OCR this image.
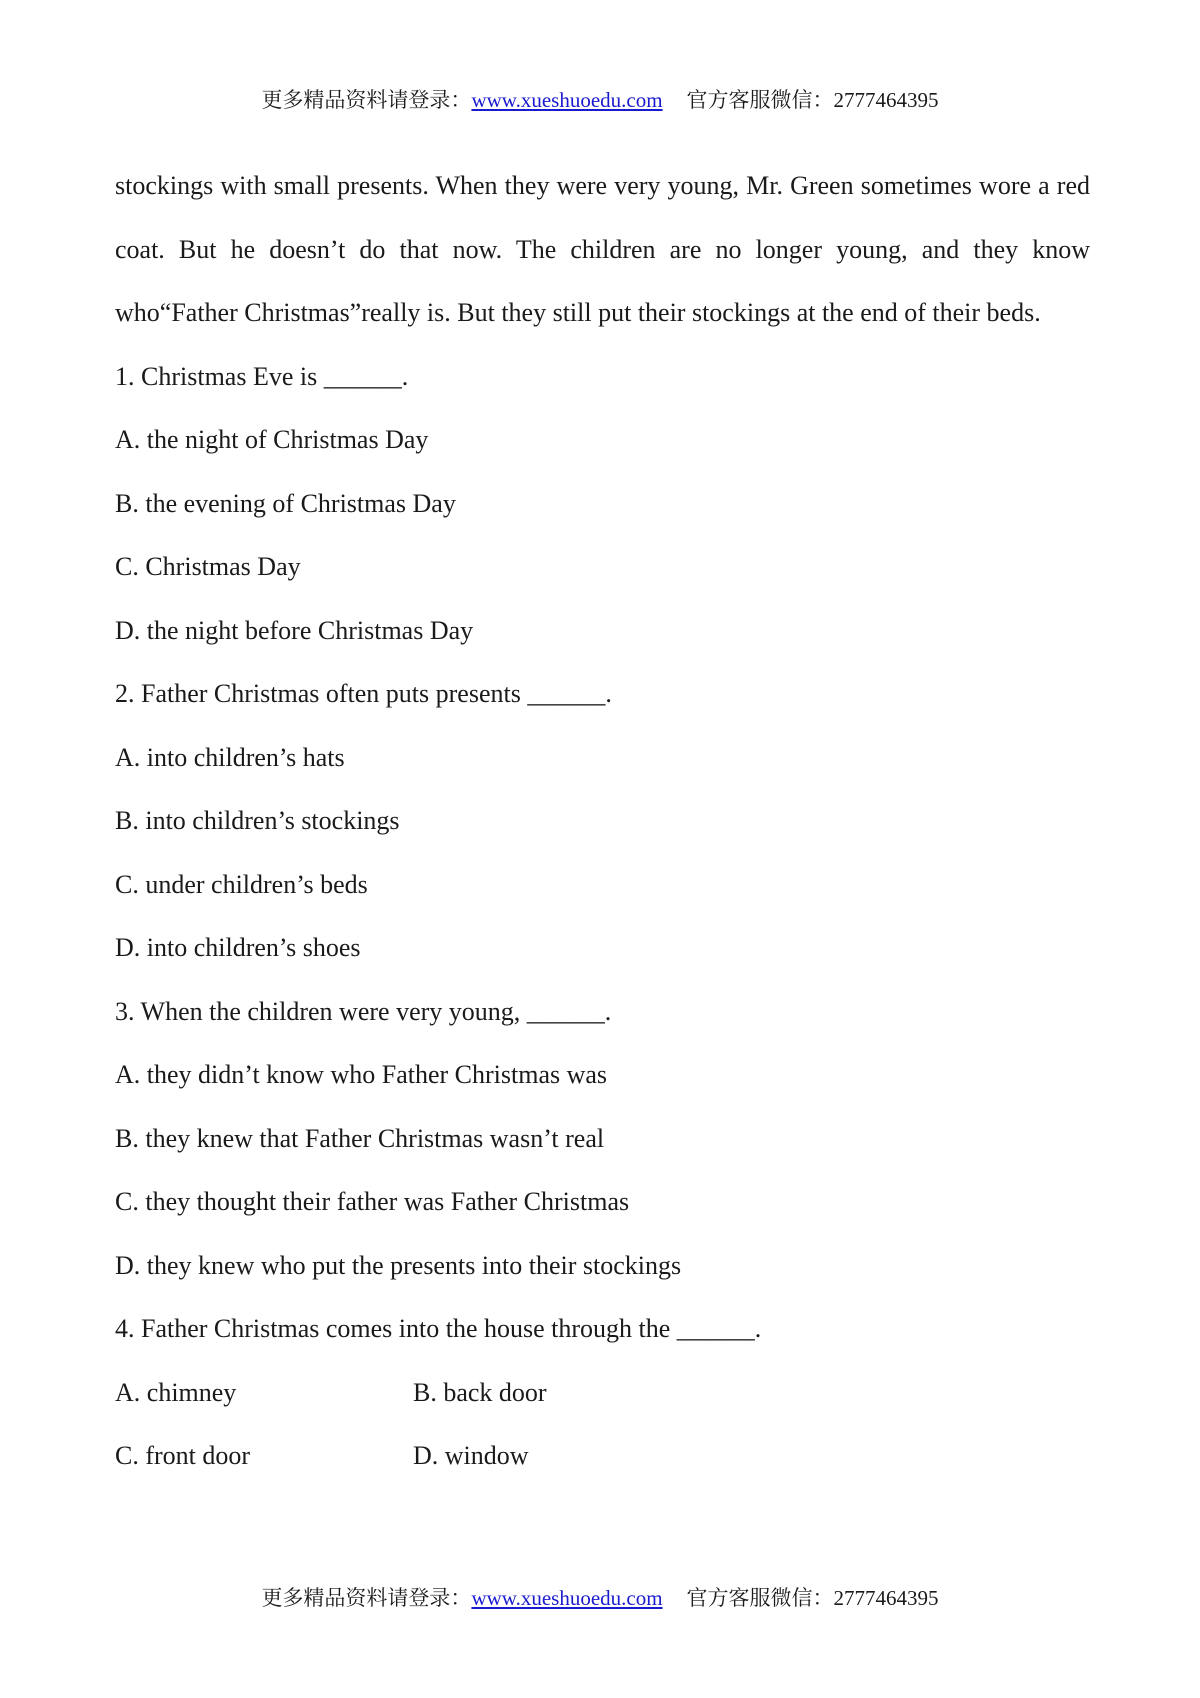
更多精品资料请登录：www.xueshuoedu.com 官方客服微信：2777464395

stockings with small presents. When they were very young, Mr. Green sometimes wore a red coat. But he doesn’t do that now. The children are no longer young, and they know who“Father Christmas”really is. But they still put their stockings at the end of their beds.

1. Christmas Eve is ______.

A. the night of Christmas Day

B. the evening of Christmas Day

C. Christmas Day

D. the night before Christmas Day

2. Father Christmas often puts presents ______.

A. into children’s hats

B. into children’s stockings

C. under children’s beds

D. into children’s shoes

3. When the children were very young, ______.

A. they didn’t know who Father Christmas was

B. they knew that Father Christmas wasn’t real

C. they thought their father was Father Christmas

D. they knew who put the presents into their stockings

4. Father Christmas comes into the house through the ______.

A. chimney	B. back door
C. front door	D. window
更多精品资料请登录：www.xueshuoedu.com 官方客服微信：2777464395
